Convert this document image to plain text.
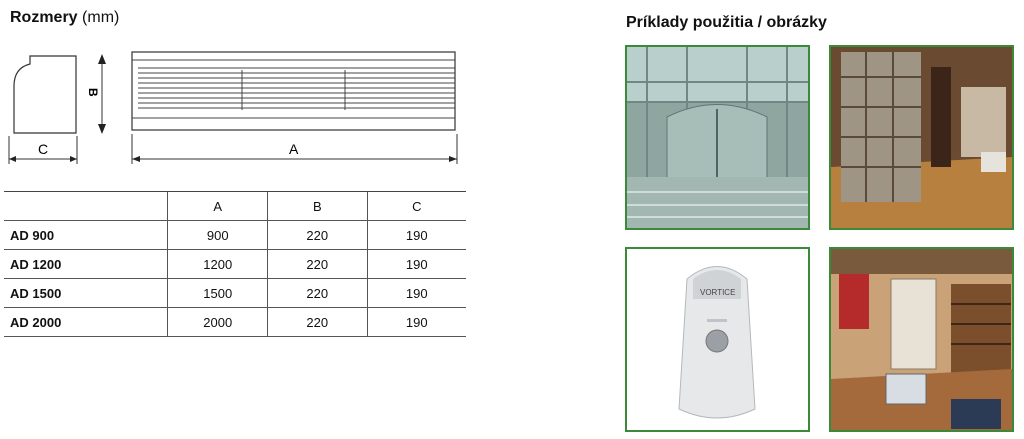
Rozmery (mm)
B
C	A
	A	B	C
AD 900	900	220	190
AD 1200	1200	220	190
AD 1500	1500	220	190
AD 2000	2000	220	190
Príklady použitia / obrázky
VORTICE
